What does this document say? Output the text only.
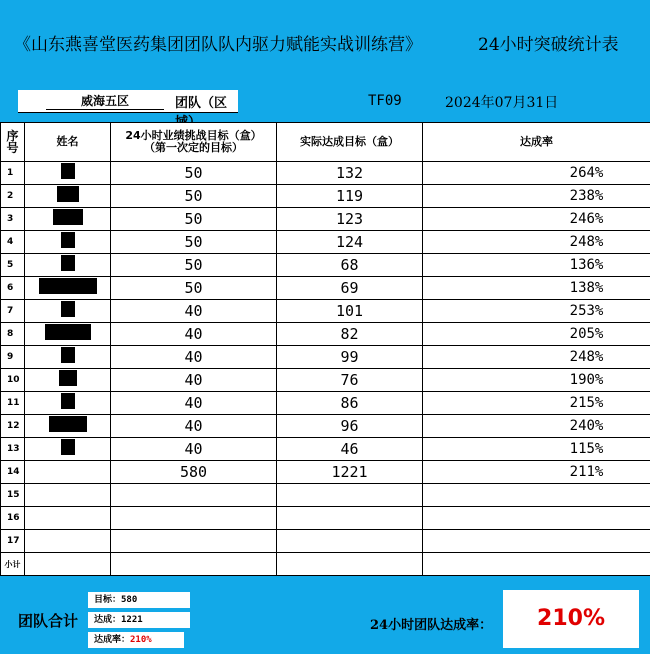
《山东燕喜堂医药集团团队队内驱力赋能实战训练营》	24小时突破统计表
威海五区	团队（区	TF09	2024年07月31日
序号	姓名	24小时业绩挑战目标（盒）（第一次定的目标）	实际达成目标（盒）	达成率
1		50	132	264%
2		50	119	238%
3		50	123	246%
4		50	124	248%
5		50	68	136%
6		50	69	138%
7		40	101	253%
8		40	82	205%
9		40	99	248%
10		40	76	190%
11		40	86	215%
12		40	96	240%
13		40	46	115%
14		580	1221	211%
15				
16				
17				
小计				
团队合计
目标：580
达成：1221
达成率：210%
24小时团队达成率：	210%
